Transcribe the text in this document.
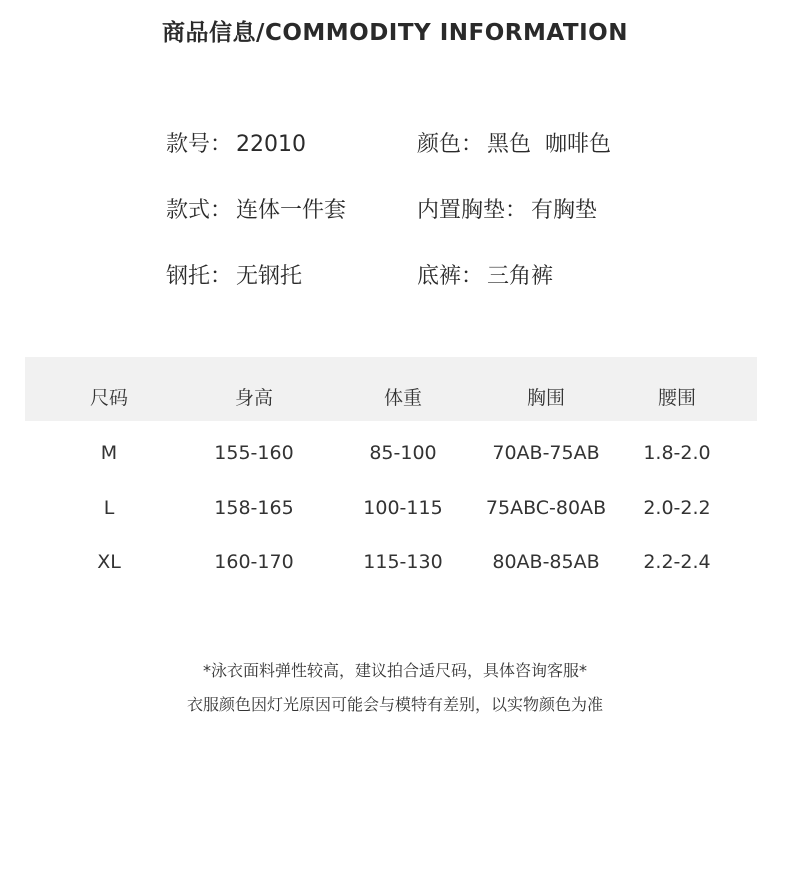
商品信息/COMMODITY INFORMATION
款号： 22010	颜色： 黑色  咖啡色
款式： 连体一件套	内置胸垫： 有胸垫
钢托： 无钢托	底裤： 三角裤
尺码	身高	体重	胸围	腰围
M	155-160	85-100	70AB-75AB	1.8-2.0
L	158-165	100-115	75ABC-80AB	2.0-2.2
XL	160-170	115-130	80AB-85AB	2.2-2.4

*泳衣面料弹性较高，建议拍合适尺码，具体咨询客服*

衣服颜色因灯光原因可能会与模特有差别，以实物颜色为准
